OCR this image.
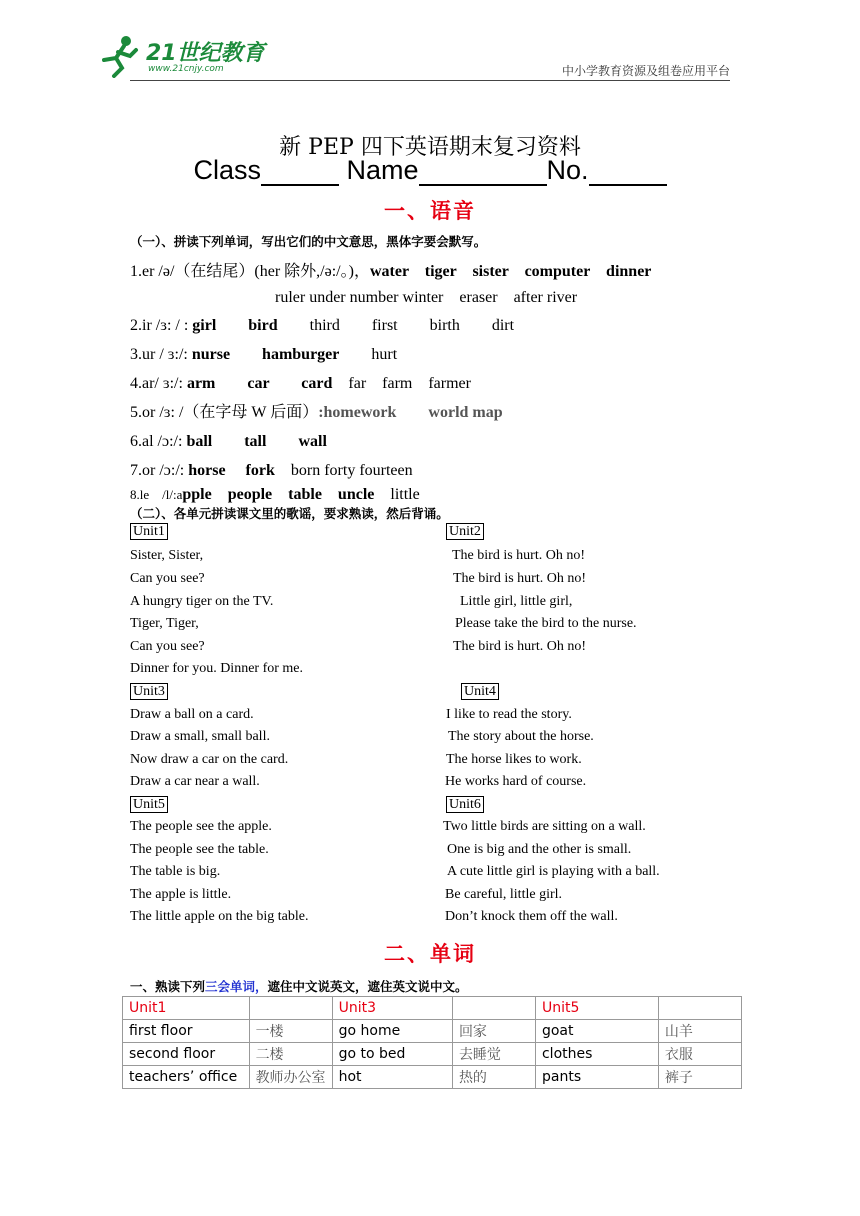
21世纪教育
www.21cnjy.com	中小学教育资源及组卷应用平台
新 PEP 四下英语期末复习资料
Class	Name	No.
一、语音
（一）、拼读下列单词，写出它们的中文意思，黑体字要会默写。
1.er /ə/（在结尾）(her 除外,/ə:/。)，water　tiger　sister　computer　dinner
ruler under number winter　eraser　after river
2.ir /ɜ: / : girl　　bird　　third　　first　　birth　　dirt
3.ur / ɜ:/: nurse　　hamburger　　hurt
4.ar/ ɜ:/: arm　　car　　card　far　farm　farmer
5.or /ɜ: /（在字母 W 后面）:homework　　world map
6.al /ɔ:/: ball　　tall　　wall
7.or /ɔ:/: horse　 fork　born forty fourteen
8.le　/l/:apple　people　table　uncle　little
（二）、各单元拼读课文里的歌谣，要求熟读，然后背诵。
Unit1	Unit2
Sister, Sister,	The bird is hurt. Oh no!
Can you see?	The bird is hurt. Oh no!
A hungry tiger on the TV.	Little girl, little girl,
Tiger, Tiger,	Please take the bird to the nurse.
Can you see?	The bird is hurt. Oh no!
Dinner for you. Dinner for me.
Unit3	Unit4
Draw a ball on a card.	I like to read the story.
Draw a small, small ball.	The story about the horse.
Now draw a car on the card.	The horse likes to work.
Draw a car near a wall.	He works hard of course.
Unit5	Unit6
The people see the apple.	Two little birds are sitting on a wall.
The people see the table.	One is big and the other is small.
The table is big.	A cute little girl is playing with a ball.
The apple is little.	Be careful, little girl.
The little apple on the big table.	Don’t knock them off the wall.
二、单词
一、熟读下列三会单词，遮住中文说英文，遮住英文说中文。
Unit1		Unit3		Unit5	
first floor	一楼	go home	回家	goat	山羊
second floor	二楼	go to bed	去睡觉	clothes	衣服
teachers’ office	教师办公室	hot	热的	pants	裤子
